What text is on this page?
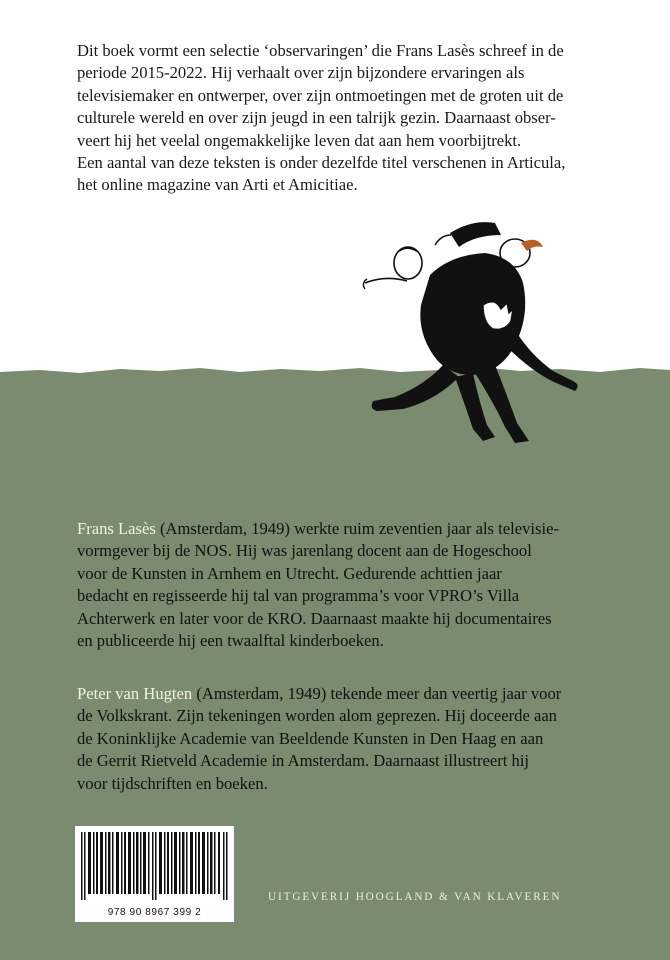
Dit boek vormt een selectie ‘observaringen’ die Frans Lasès schreef in de
periode 2015-2022. Hij verhaalt over zijn bijzondere ervaringen als
televisiemaker en ontwerper, over zijn ontmoetingen met de groten uit de
culturele wereld en over zijn jeugd in een talrijk gezin. Daarnaast obser-
veert hij het veelal ongemakkelijke leven dat aan hem voorbijtrekt.
Een aantal van deze teksten is onder dezelfde titel verschenen in Articula,
het online magazine van Arti et Amicitiae.
Frans Lasès (Amsterdam, 1949) werkte ruim zeventien jaar als televisie-
vormgever bij de NOS. Hij was jarenlang docent aan de Hogeschool
voor de Kunsten in Arnhem en Utrecht. Gedurende achttien jaar
bedacht en regisseerde hij tal van programma’s voor VPRO’s Villa
Achterwerk en later voor de KRO. Daarnaast maakte hij documentaires
en publiceerde hij een twaalftal kinderboeken.
Peter van Hugten (Amsterdam, 1949) tekende meer dan veertig jaar voor
de Volkskrant. Zijn tekeningen worden alom geprezen. Hij doceerde aan
de Koninklijke Academie van Beeldende Kunsten in Den Haag en aan
de Gerrit Rietveld Academie in Amsterdam. Daarnaast illustreert hij
voor tijdschriften en boeken.
978 90 8967 399 2
UITGEVERIJ HOOGLAND & VAN KLAVEREN
